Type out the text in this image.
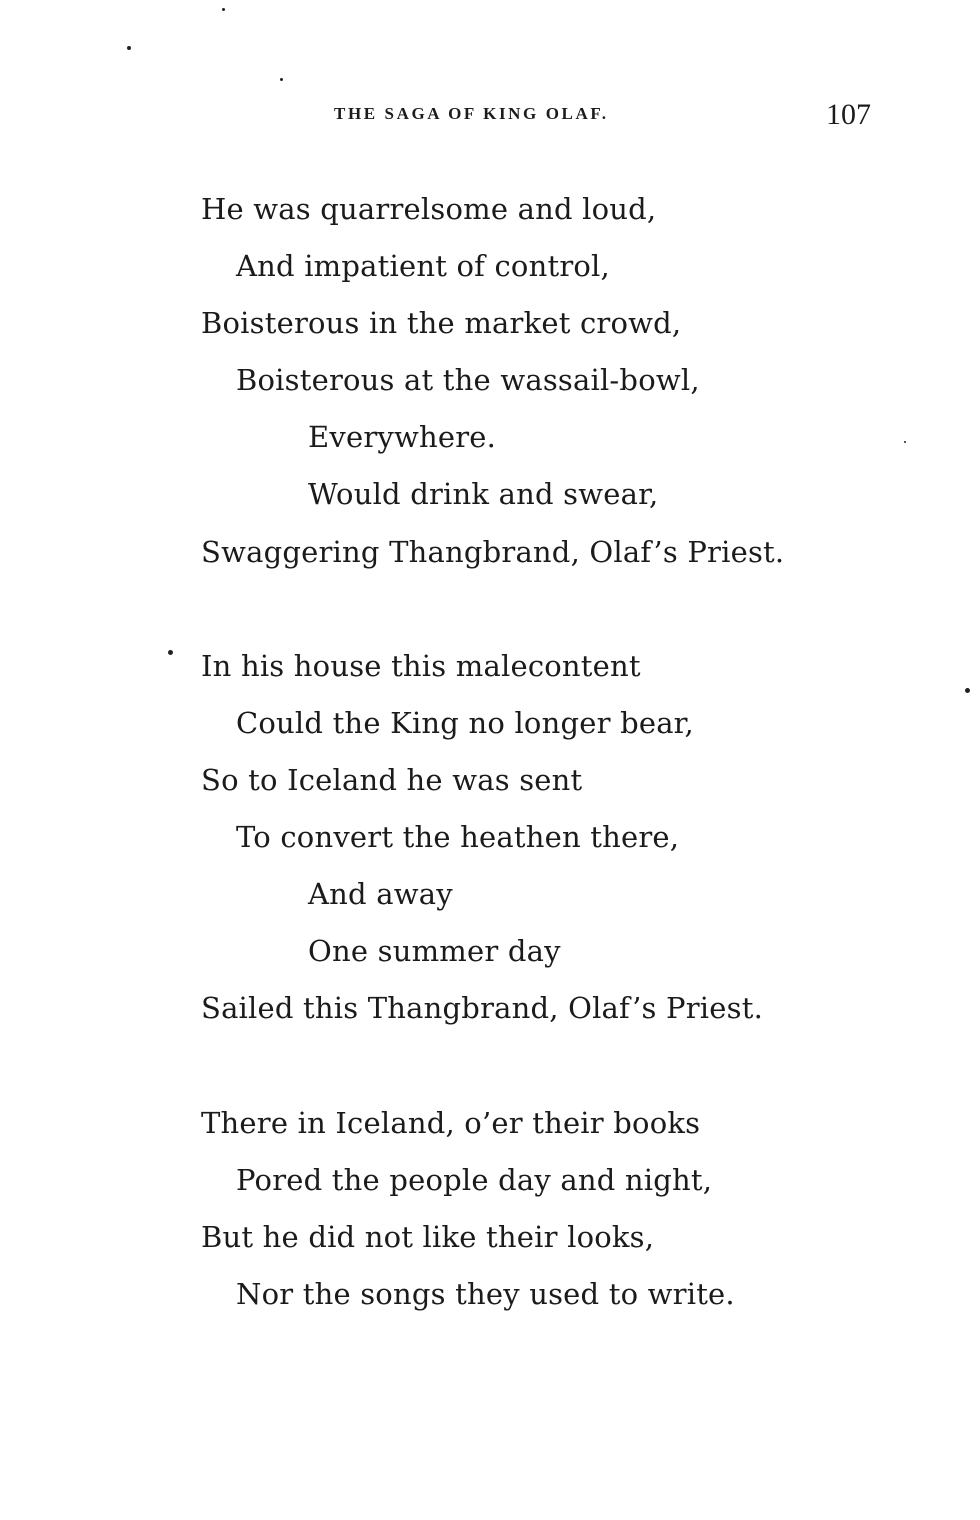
THE SAGA OF KING OLAF.	107
He was quarrelsome and loud,
And impatient of control,
Boisterous in the market crowd,
Boisterous at the wassail-bowl,
Everywhere.
Would drink and swear,
Swaggering Thangbrand, Olaf’s Priest.
In his house this malecontent
Could the King no longer bear,
So to Iceland he was sent
To convert the heathen there,
And away
One summer day
Sailed this Thangbrand, Olaf’s Priest.
There in Iceland, o’er their books
Pored the people day and night,
But he did not like their looks,
Nor the songs they used to write.
